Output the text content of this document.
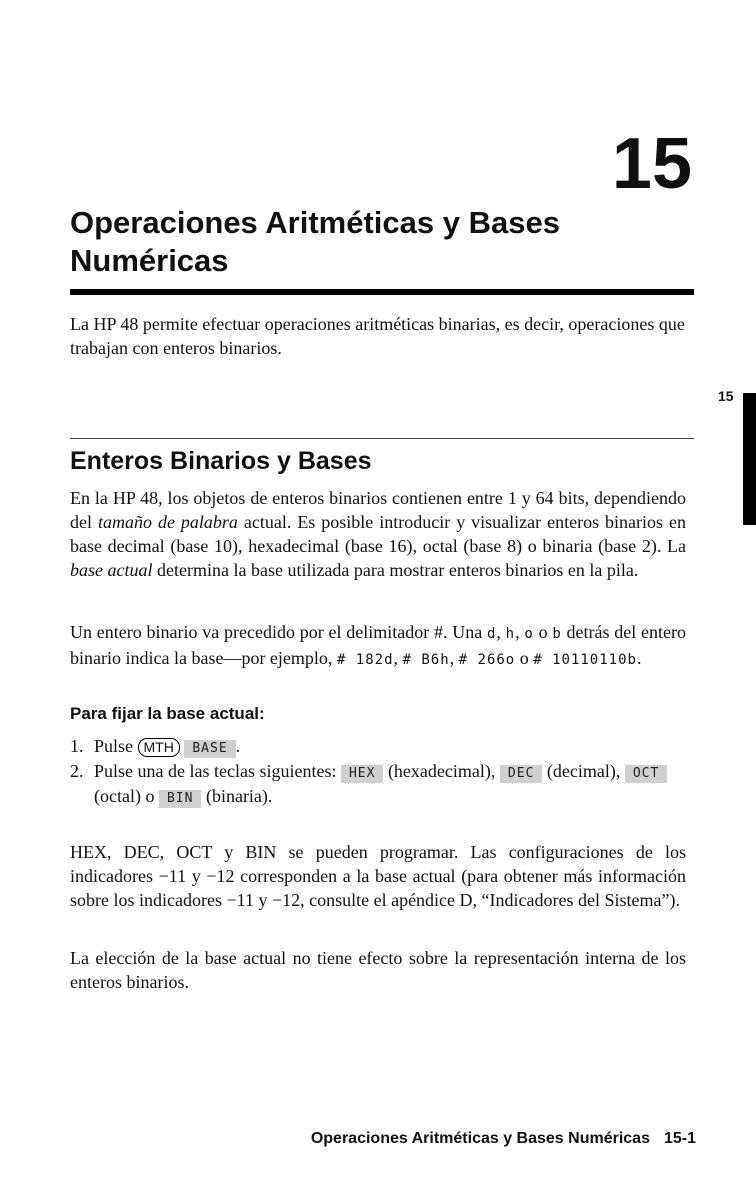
15
Operaciones Aritméticas y Bases Numéricas

La HP 48 permite efectuar operaciones aritméticas binarias, es decir, operaciones que trabajan con enteros binarios.

15
Enteros Binarios y Bases

En la HP 48, los objetos de enteros binarios contienen entre 1 y 64 bits, dependiendo del tamaño de palabra actual. Es posible introducir y visualizar enteros binarios en base decimal (base 10), hexadecimal (base 16), octal (base 8) o binaria (base 2). La base actual determina la base utilizada para mostrar enteros binarios en la pila.

Un entero binario va precedido por el delimitador #. Una d, h, o o b detrás del entero binario indica la base—por ejemplo, # 182d, # B6h, # 266o o # 10110110b.

Para fijar la base actual:
1. Pulse MTH BASE .
2. Pulse una de las teclas siguientes: HEX (hexadecimal), DEC (decimal), OCT (octal) o BIN (binaria).

HEX, DEC, OCT y BIN se pueden programar. Las configuraciones de los indicadores −11 y −12 corresponden a la base actual (para obtener más información sobre los indicadores −11 y −12, consulte el apéndice D, “Indicadores del Sistema”).

La elección de la base actual no tiene efecto sobre la representación interna de los enteros binarios.

Operaciones Aritméticas y Bases Numéricas 15-1
